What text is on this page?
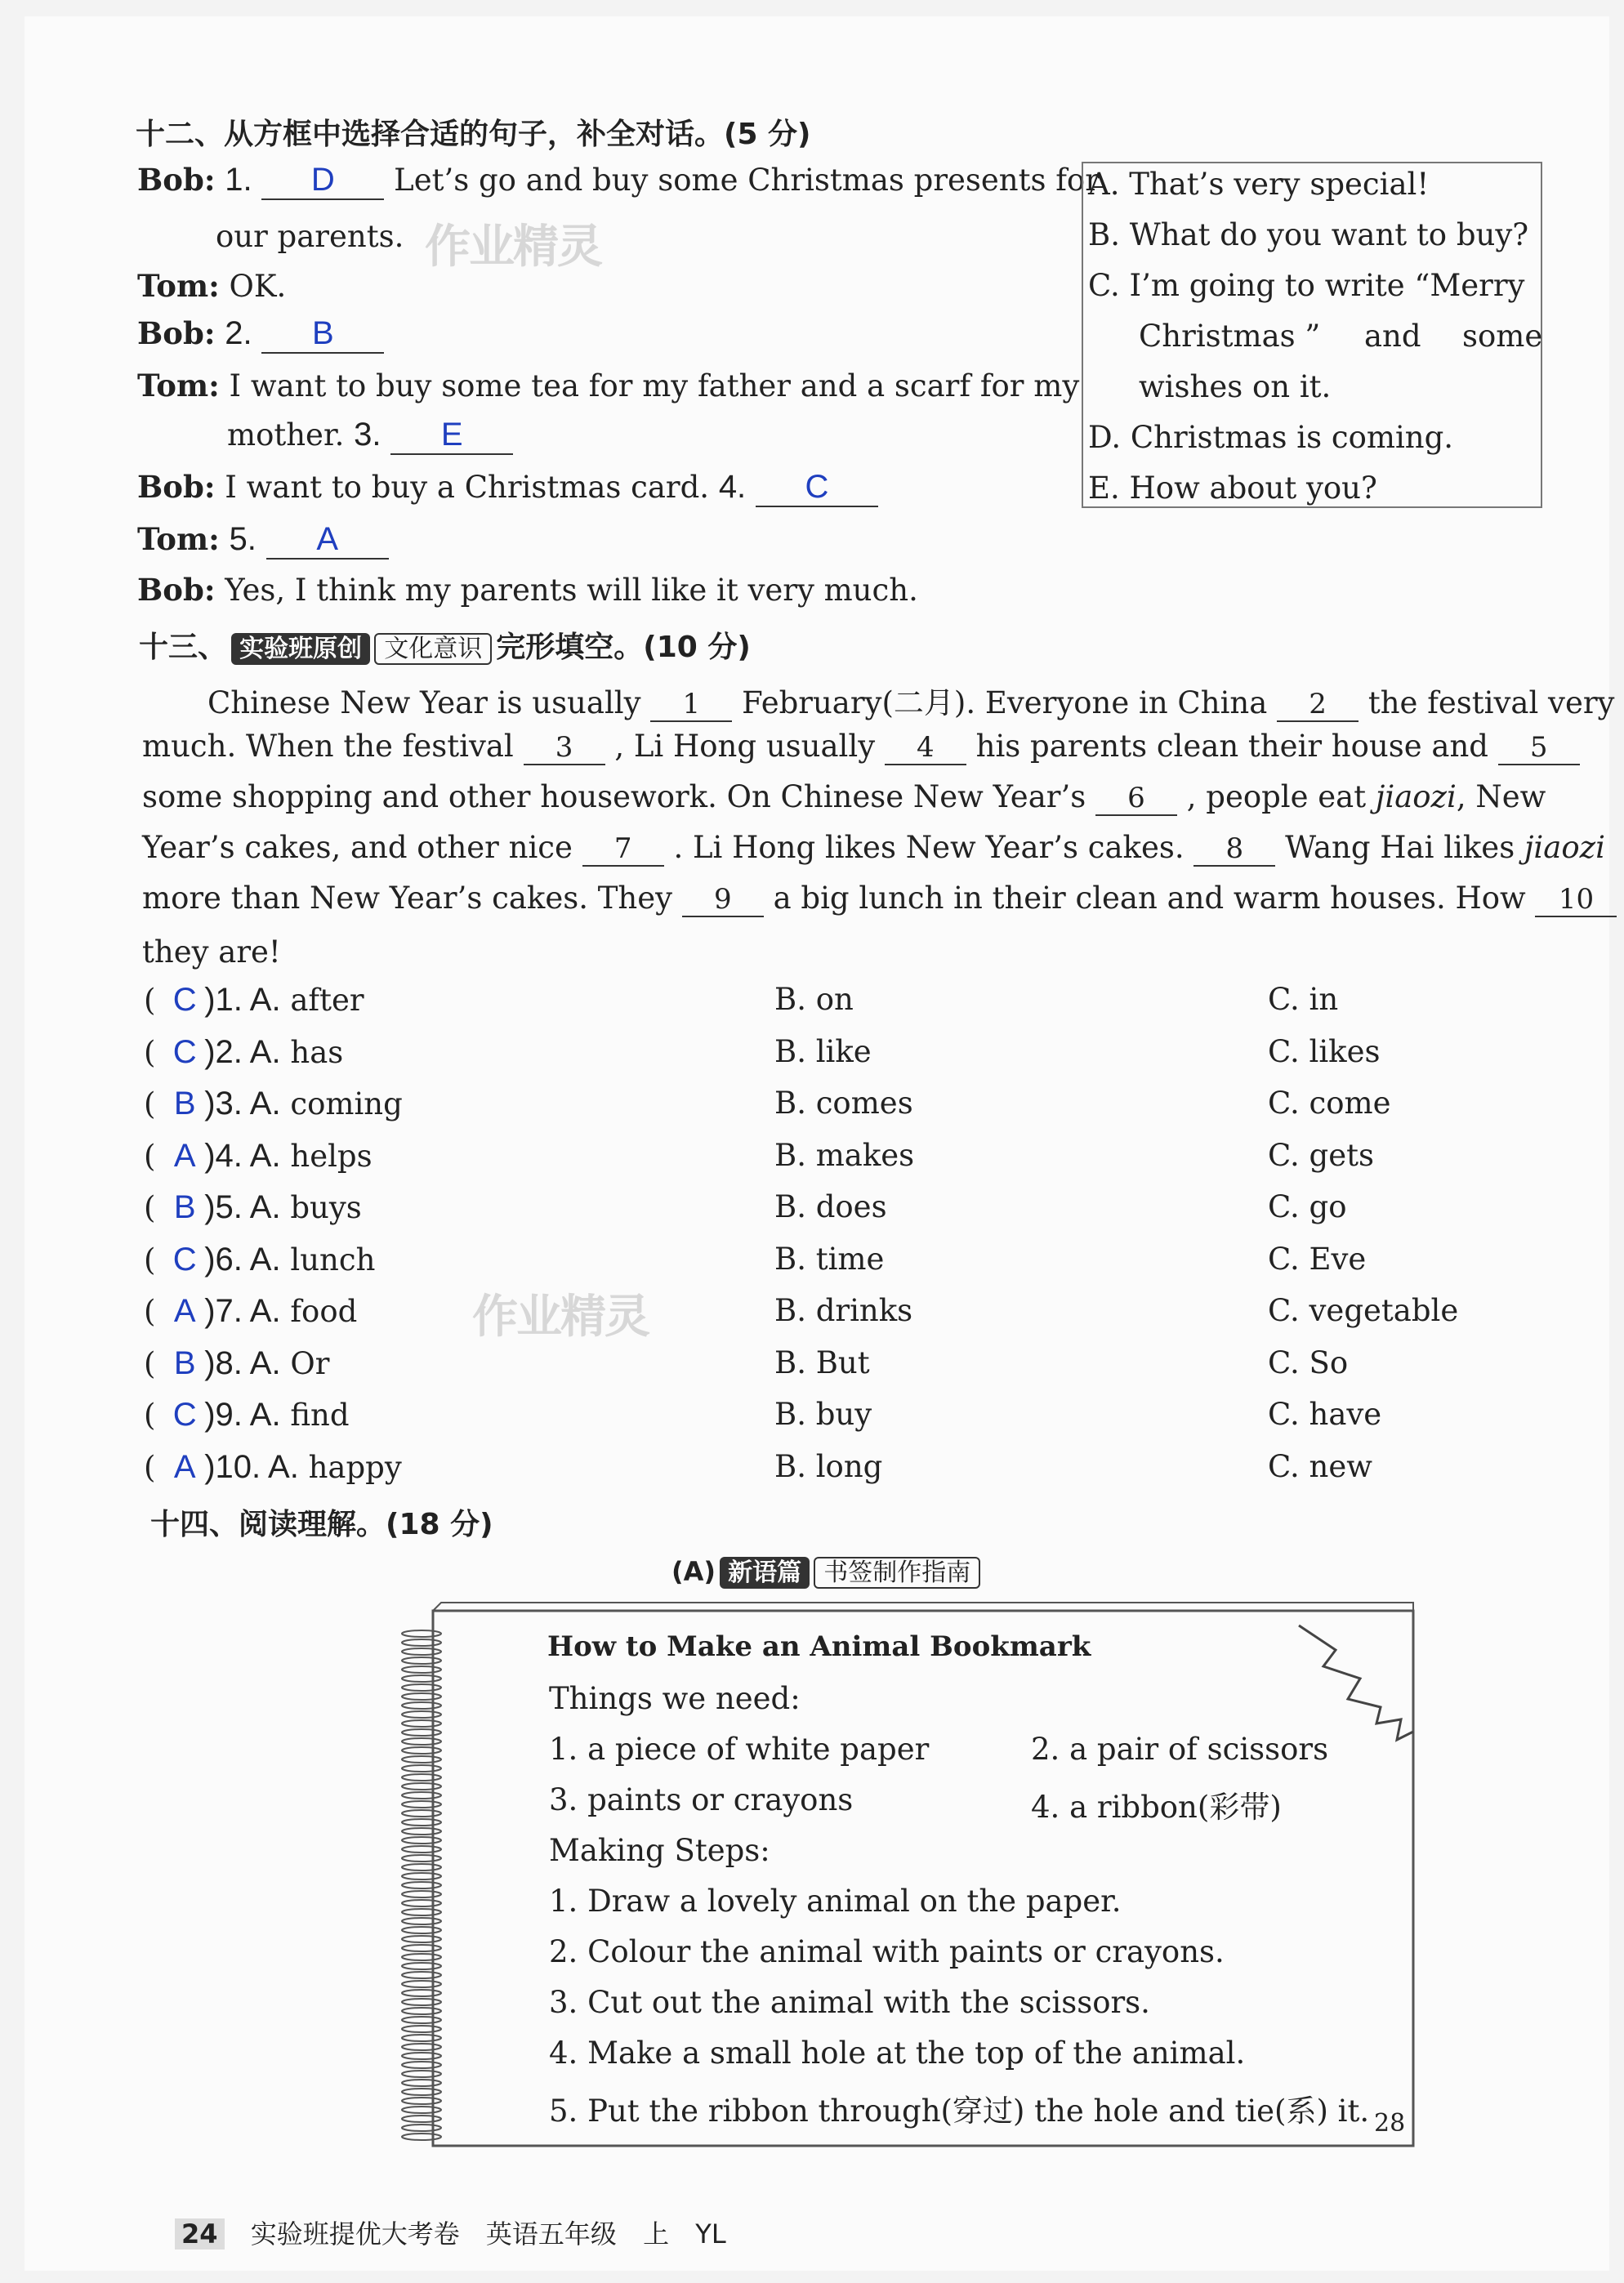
十二、从方框中选择合适的句子，补全对话。(5 分)
Bob: 1. D Let’s go and buy some Christmas presents for
our parents. 作业精灵
Tom: OK.
Bob: 2. B
Tom: I want to buy some tea for my father and a scarf for my
mother. 3. E
Bob: I want to buy a Christmas card. 4. C
Tom: 5. A
Bob: Yes, I think my parents will like it very much.
A. That’s very special!
B. What do you want to buy?
C. I’m going to write “Merry
Christmas ” and some
wishes on it.
D. Christmas is coming.
E. How about you?
十三、 实验班原创 文化意识 完形填空。(10 分)
Chinese New Year is usually 1 February(二月). Everyone in China 2 the festival very
much. When the festival 3 , Li Hong usually 4 his parents clean their house and 5
some shopping and other housework. On Chinese New Year’s 6 , people eat jiaozi, New
Year’s cakes, and other nice 7 . Li Hong likes New Year’s cakes. 8 Wang Hai likes jiaozi
more than New Year’s cakes. They 9 a big lunch in their clean and warm houses. How 10
they are!
( C )1. A. after	B. on	C. in
( C )2. A. has	B. like	C. likes
( B )3. A. coming	B. comes	C. come
( A )4. A. helps	B. makes	C. gets
( B )5. A. buys	B. does	C. go
( C )6. A. lunch	B. time	C. Eve
( A )7. A. food	B. drinks	C. vegetable
( B )8. A. Or	B. But	C. So
( C )9. A. find	B. buy	C. have
( A )10. A. happy	B. long	C. new
作业精灵
十四、阅读理解。(18 分)
(A) 新语篇 书签制作指南
How to Make an Animal Bookmark
Things we need:
1. a piece of white paper	2. a pair of scissors
3. paints or crayons	4. a ribbon(彩带)
Making Steps:
1. Draw a lovely animal on the paper.
2. Colour the animal with paints or crayons.
3. Cut out the animal with the scissors.
4. Make a small hole at the top of the animal.
5. Put the ribbon through(穿过) the hole and tie(系) it. 28
24 实验班提优大考卷 英语五年级 上 YL
